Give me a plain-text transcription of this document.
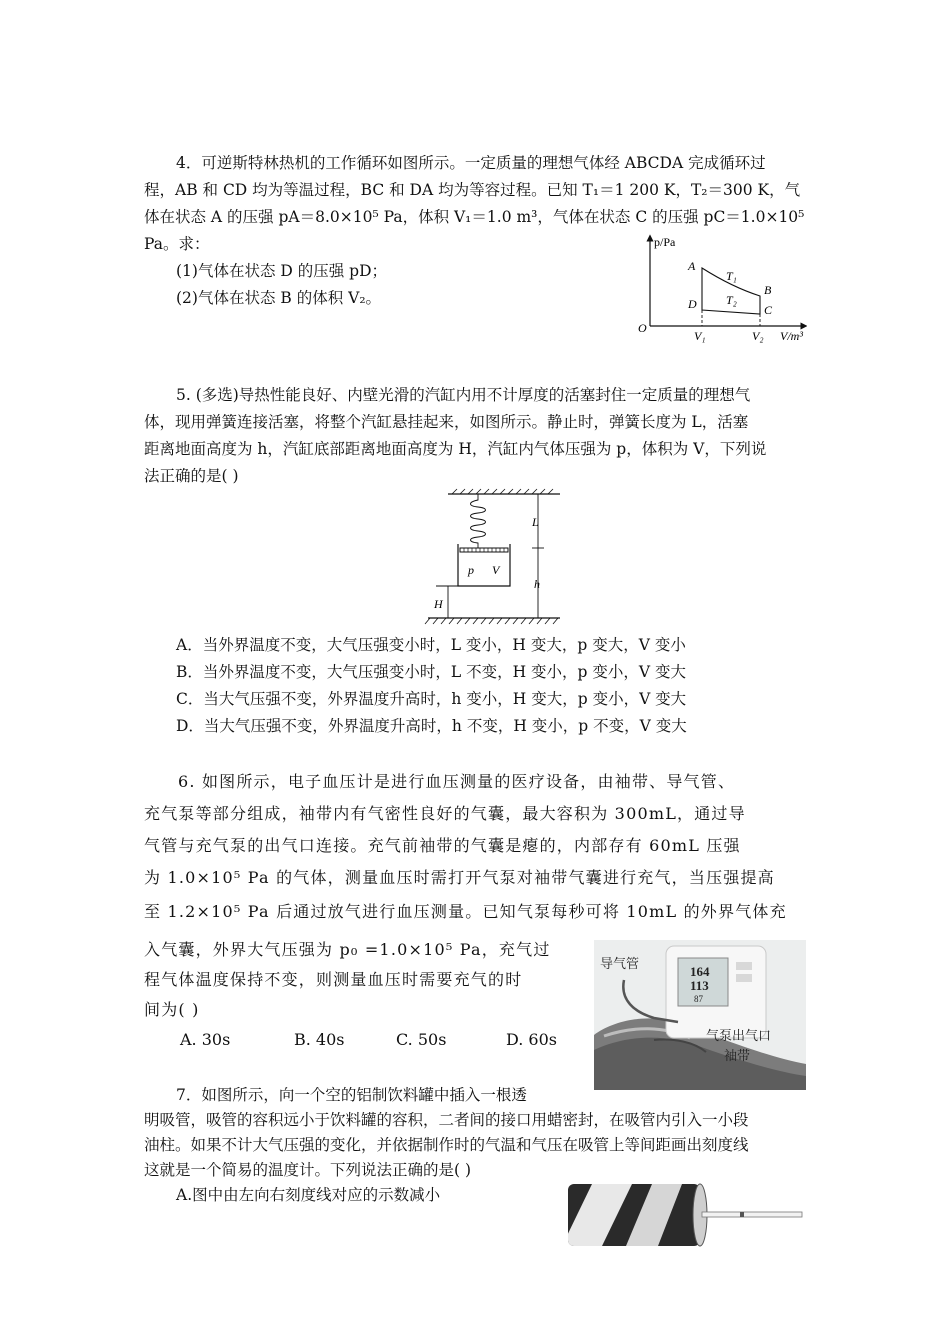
4．可逆斯特林热机的工作循环如图所示。一定质量的理想气体经 ABCDA 完成循环过
程，AB 和 CD 均为等温过程，BC 和 DA 均为等容过程。已知 T₁＝1 200 K，T₂＝300 K，气
体在状态 A 的压强 pA＝8.0×10⁵ Pa，体积 V₁＝1.0 m³，气体在状态 C 的压强 pC＝1.0×10⁵
Pa。求：
(1)气体在状态 D 的压强 pD；
(2)气体在状态 B 的体积 V₂。
p/Pa
V/m³
O
A
B
C
D
T₁
T₂
V₁	V₂
5. (多选)导热性能良好、内壁光滑的汽缸内用不计厚度的活塞封住一定质量的理想气
体，现用弹簧连接活塞，将整个汽缸悬挂起来，如图所示。静止时，弹簧长度为 L，活塞
距离地面高度为 h，汽缸底部距离地面高度为 H，汽缸内气体压强为 p，体积为 V，下列说
法正确的是( )
p V
L
h
H
A．当外界温度不变，大气压强变小时，L 变小，H 变大，p 变大，V 变小
B．当外界温度不变，大气压强变小时，L 不变，H 变小，p 变小，V 变大
C．当大气压强不变，外界温度升高时，h 变小，H 变大，p 变小，V 变大
D．当大气压强不变，外界温度升高时，h 不变，H 变小，p 不变，V 变大
6. 如图所示，电子血压计是进行血压测量的医疗设备，由袖带、导气管、
充气泵等部分组成，袖带内有气密性良好的气囊，最大容积为 300mL，通过导
气管与充气泵的出气口连接。充气前袖带的气囊是瘪的，内部存有 60mL 压强
为 1.0×10⁵ Pa 的气体，测量血压时需打开气泵对袖带气囊进行充气，当压强提高
至 1.2×10⁵ Pa 后通过放气进行血压测量。已知气泵每秒可将 10mL 的外界气体充
入气囊，外界大气压强为 p₀ =1.0×10⁵ Pa，充气过
程气体温度保持不变，则测量血压时需要充气的时
间为( )
A. 30s	B. 40s	C. 50s	D. 60s
164
113
87
导气管
气泵出气口
袖带
7．如图所示，向一个空的铝制饮料罐中插入一根透
明吸管，吸管的容积远小于饮料罐的容积，二者间的接口用蜡密封，在吸管内引入一小段
油柱。如果不计大气压强的变化，并依据制作时的气温和气压在吸管上等间距画出刻度线
这就是一个简易的温度计。下列说法正确的是( )
A.图中由左向右刻度线对应的示数减小
